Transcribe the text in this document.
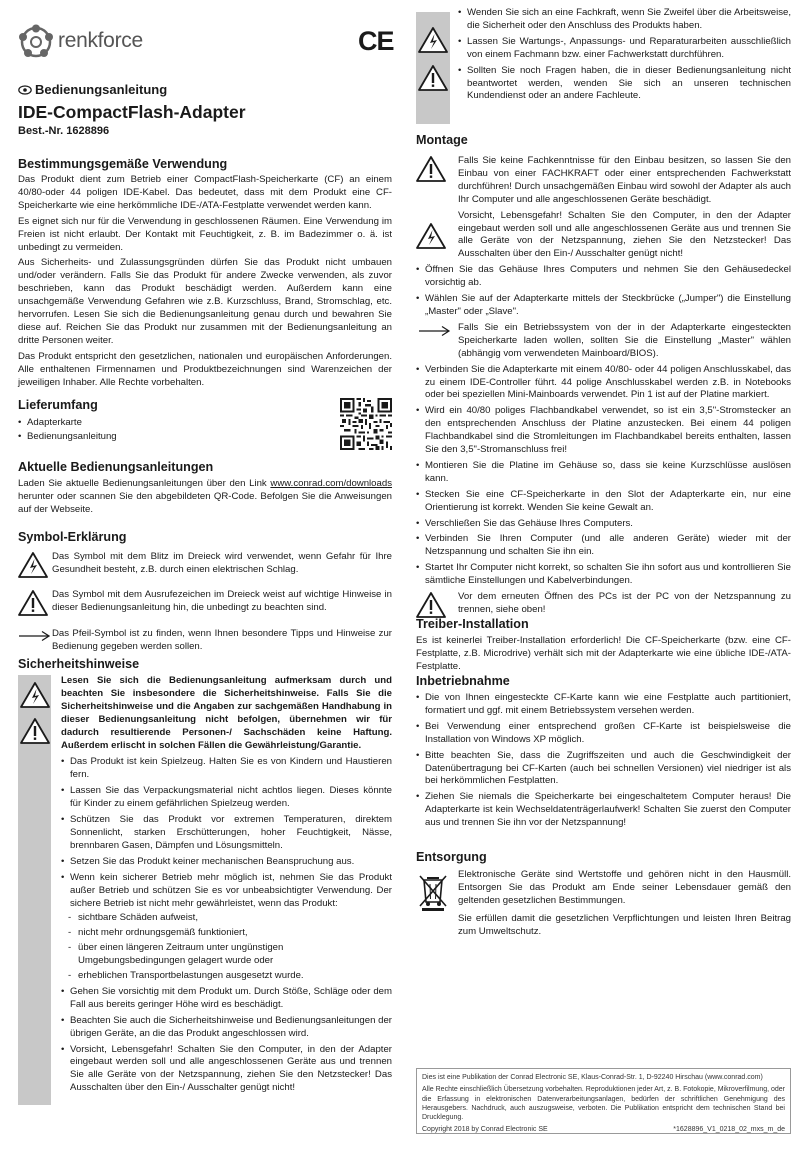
renkforce
Bedienungsanleitung
IDE-CompactFlash-Adapter
Best.-Nr. 1628896
Bestimmungsgemäße Verwendung

Das Produkt dient zum Betrieb einer CompactFlash-Speicherkarte (CF) an einem 40/80-oder 44 poligen IDE-Kabel. Das bedeutet, dass mit dem Produkt eine CF-Speicherkarte wie eine herkömmliche IDE-/ATA-Festplatte verwendet werden kann.

Es eignet sich nur für die Verwendung in geschlossenen Räumen. Eine Verwendung im Freien ist nicht erlaubt. Der Kontakt mit Feuchtigkeit, z. B. im Badezimmer o. ä. ist unbedingt zu vermeiden.

Aus Sicherheits- und Zulassungsgründen dürfen Sie das Produkt nicht umbauen und/oder verändern. Falls Sie das Produkt für andere Zwecke verwenden, als zuvor beschrieben, kann das Produkt beschädigt werden. Außerdem kann eine unsachgemäße Verwendung Gefahren wie z.B. Kurzschluss, Brand, Stromschlag, etc. hervorrufen. Lesen Sie sich die Bedienungsanleitung genau durch und bewahren Sie diese auf. Reichen Sie das Produkt nur zusammen mit der Bedienungsanleitung an dritte Personen weiter.

Das Produkt entspricht den gesetzlichen, nationalen und europäischen Anforderungen. Alle enthaltenen Firmennamen und Produktbezeichnungen sind Warenzeichen der jeweiligen Inhaber. Alle Rechte vorbehalten.

Lieferumfang
• Adapterkarte
• Bedienungsanleitung
Aktuelle Bedienungsanleitungen

Laden Sie aktuelle Bedienungsanleitungen über den Link www.conrad.com/downloads herunter oder scannen Sie den abgebildeten QR-Code. Befolgen Sie die Anweisungen auf der Webseite.

Symbol-Erklärung

Das Symbol mit dem Blitz im Dreieck wird verwendet, wenn Gefahr für Ihre Gesundheit besteht, z.B. durch einen elektrischen Schlag.

Das Symbol mit dem Ausrufezeichen im Dreieck weist auf wichtige Hinweise in dieser Bedienungsanleitung hin, die unbedingt zu beachten sind.

Das Pfeil-Symbol ist zu finden, wenn Ihnen besondere Tipps und Hinweise zur Bedienung gegeben werden sollen.

Sicherheitshinweise

Lesen Sie sich die Bedienungsanleitung aufmerksam durch und beachten Sie insbesondere die Sicherheitshinweise. Falls Sie die Sicherheitshinweise und die Angaben zur sachgemäßen Handhabung in dieser Bedienungsanleitung nicht befolgen, übernehmen wir für dadurch resultierende Personen-/ Sachschäden keine Haftung. Außerdem erlischt in solchen Fällen die Gewährleistung/Garantie.

• Das Produkt ist kein Spielzeug. Halten Sie es von Kindern und Haustieren fern.
• Lassen Sie das Verpackungsmaterial nicht achtlos liegen. Dieses könnte für Kinder zu einem gefährlichen Spielzeug werden.
• Schützen Sie das Produkt vor extremen Temperaturen, direktem Sonnenlicht, starken Erschütterungen, hoher Feuchtigkeit, Nässe, brennbaren Gasen, Dämpfen und Lösungsmitteln.
• Setzen Sie das Produkt keiner mechanischen Beanspruchung aus.
• Wenn kein sicherer Betrieb mehr möglich ist, nehmen Sie das Produkt außer Betrieb und schützen Sie es vor unbeabsichtigter Verwendung. Der sichere Betrieb ist nicht mehr gewährleistet, wenn das Produkt:
- sichtbare Schäden aufweist,
- nicht mehr ordnungsgemäß funktioniert,
- über einen längeren Zeitraum unter ungünstigen Umgebungsbedingungen gelagert wurde oder
- erheblichen Transportbelastungen ausgesetzt wurde.
• Gehen Sie vorsichtig mit dem Produkt um. Durch Stöße, Schläge oder dem Fall aus bereits geringer Höhe wird es beschädigt.
• Beachten Sie auch die Sicherheitshinweise und Bedienungsanleitungen der übrigen Geräte, an die das Produkt angeschlossen wird.
• Vorsicht, Lebensgefahr! Schalten Sie den Computer, in den der Adapter eingebaut werden soll und alle angeschlossenen Geräte aus und trennen Sie alle Geräte von der Netzspannung, ziehen Sie den Netzstecker! Das Ausschalten über den Ein-/ Ausschalter genügt nicht!
CE
• Wenden Sie sich an eine Fachkraft, wenn Sie Zweifel über die Arbeitsweise, die Sicherheit oder den Anschluss des Produkts haben.
• Lassen Sie Wartungs-, Anpassungs- und Reparaturarbeiten ausschließlich von einem Fachmann bzw. einer Fachwerkstatt durchführen.
• Sollten Sie noch Fragen haben, die in dieser Bedienungsanleitung nicht beantwortet werden, wenden Sie sich an unseren technischen Kundendienst oder an andere Fachleute.
Montage

Falls Sie keine Fachkenntnisse für den Einbau besitzen, so lassen Sie den Einbau von einer FACHKRAFT oder einer entsprechenden Fachwerkstatt durchführen! Durch unsachgemäßen Einbau wird sowohl der Adapter als auch Ihr Computer und alle angeschlossenen Geräte beschädigt.

Vorsicht, Lebensgefahr! Schalten Sie den Computer, in den der Adapter eingebaut werden soll und alle angeschlossenen Geräte aus und trennen Sie alle Geräte von der Netzspannung, ziehen Sie den Netzstecker! Das Ausschalten über den Ein-/ Ausschalter genügt nicht!

• Öffnen Sie das Gehäuse Ihres Computers und nehmen Sie den Gehäusedeckel vorsichtig ab.
• Wählen Sie auf der Adapterkarte mittels der Steckbrücke („Jumper") die Einstellung „Master" oder „Slave".

Falls Sie ein Betriebssystem von der in der Adapterkarte eingesteckten Speicherkarte laden wollen, sollten Sie die Einstellung „Master" wählen (abhängig vom verwendeten Mainboard/BIOS).

• Verbinden Sie die Adapterkarte mit einem 40/80- oder 44 poligen Anschlusskabel, das zu einem IDE-Controller führt. 44 polige Anschlusskabel werden z.B. in Notebooks oder bei speziellen Mini-Mainboards verwendet. Pin 1 ist auf der Platine markiert.
• Wird ein 40/80 poliges Flachbandkabel verwendet, so ist ein 3,5"-Stromstecker an den entsprechenden Anschluss der Platine anzustecken. Bei einem 44 poligen Flachbandkabel sind die Stromleitungen im Flachbandkabel bereits enthalten, lassen Sie den 3,5"-Stromanschluss frei!
• Montieren Sie die Platine im Gehäuse so, dass sie keine Kurzschlüsse auslösen kann.
• Stecken Sie eine CF-Speicherkarte in den Slot der Adapterkarte ein, nur eine Orientierung ist korrekt. Wenden Sie keine Gewalt an.
• Verschließen Sie das Gehäuse Ihres Computers.
• Verbinden Sie Ihren Computer (und alle anderen Geräte) wieder mit der Netzspannung und schalten Sie ihn ein.
• Startet Ihr Computer nicht korrekt, so schalten Sie ihn sofort aus und kontrollieren Sie sämtliche Einstellungen und Kabelverbindungen.

Vor dem erneuten Öffnen des PCs ist der PC von der Netzspannung zu trennen, siehe oben!

Treiber-Installation

Es ist keinerlei Treiber-Installation erforderlich! Die CF-Speicherkarte (bzw. eine CF-Festplatte, z.B. Microdrive) verhält sich mit der Adapterkarte wie eine übliche IDE-/ATA-Festplatte.

Inbetriebnahme
• Die von Ihnen eingesteckte CF-Karte kann wie eine Festplatte auch partitioniert, formatiert und ggf. mit einem Betriebssystem versehen werden.
• Bei Verwendung einer entsprechend großen CF-Karte ist beispielsweise die Installation von Windows XP möglich.
• Bitte beachten Sie, dass die Zugriffszeiten und auch die Geschwindigkeit der Datenübertragung bei CF-Karten (auch bei schnellen Versionen) viel niedriger ist als bei herkömmlichen Festplatten.
• Ziehen Sie niemals die Speicherkarte bei eingeschaltetem Computer heraus! Die Adapterkarte ist kein Wechseldatenträgerlaufwerk! Schalten Sie zuerst den Computer aus und trennen Sie ihn vor der Netzspannung!
Entsorgung

Elektronische Geräte sind Wertstoffe und gehören nicht in den Hausmüll. Entsorgen Sie das Produkt am Ende seiner Lebensdauer gemäß den geltenden gesetzlichen Bestimmungen.

Sie erfüllen damit die gesetzlichen Verpflichtungen und leisten Ihren Beitrag zum Umweltschutz.

Dies ist eine Publikation der Conrad Electronic SE, Klaus-Conrad-Str. 1, D-92240 Hirschau (www.conrad.com)

Alle Rechte einschließlich Übersetzung vorbehalten. Reproduktionen jeder Art, z. B. Fotokopie, Mikroverfilmung, oder die Erfassung in elektronischen Datenverarbeitungsanlagen, bedürfen der schriftlichen Genehmigung des Herausgebers. Nachdruck, auch auszugsweise, verboten. Die Publikation entspricht dem technischen Stand bei Drucklegung.

Copyright 2018 by Conrad Electronic SE	*1628896_V1_0218_02_mxs_m_de
